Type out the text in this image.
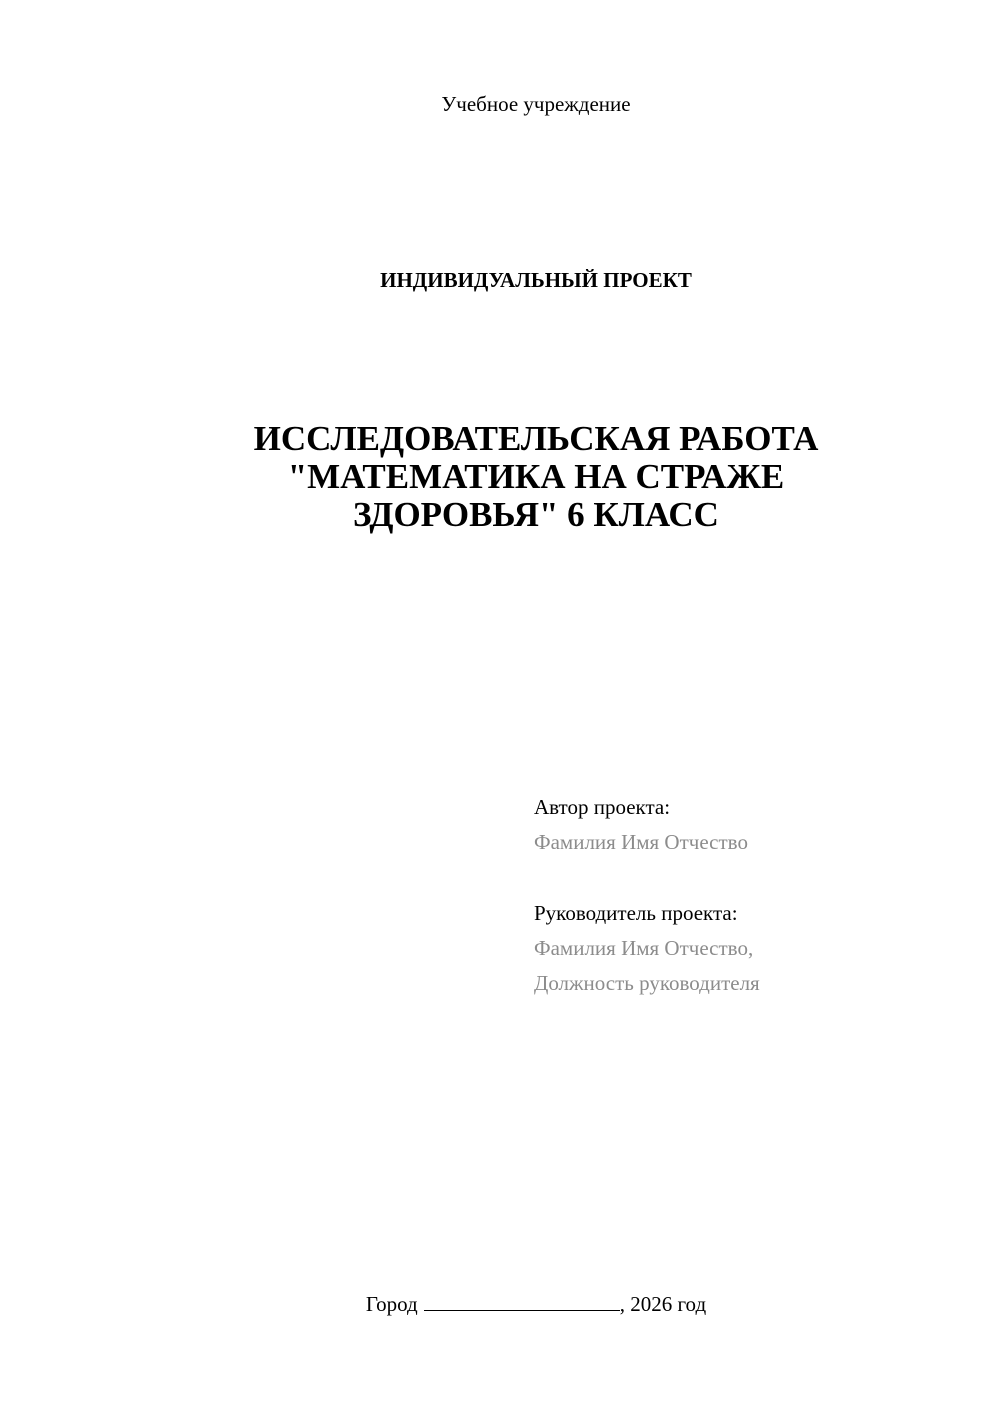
Учебное учреждение
ИНДИВИДУАЛЬНЫЙ ПРОЕКТ
ИССЛЕДОВАТЕЛЬСКАЯ РАБОТА
"МАТЕМАТИКА НА СТРАЖЕ
ЗДОРОВЬЯ" 6 КЛАСС
Автор проекта:
Фамилия Имя Отчество
Руководитель проекта:
Фамилия Имя Отчество,
Должность руководителя
Город	, 2026 год
